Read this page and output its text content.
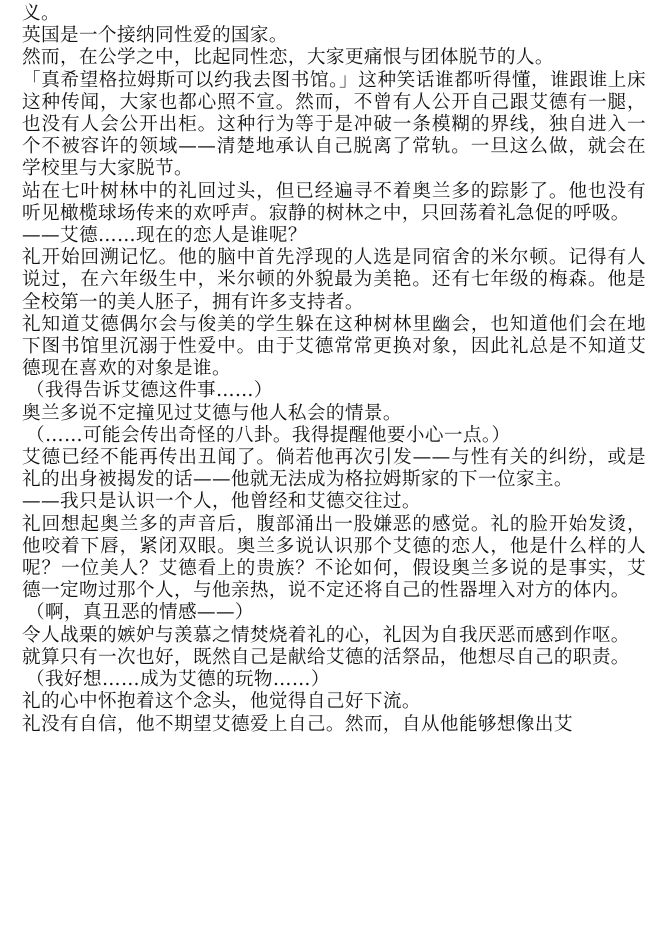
义。

英国是一个接纳同性爱的国家。

然而，在公学之中，比起同性恋，大家更痛恨与团体脱节的人。

「真希望格拉姆斯可以约我去图书馆。」这种笑话谁都听得懂，谁跟谁上床这种传闻，大家也都心照不宣。然而，不曾有人公开自己跟艾德有一腿，也没有人会公开出柜。这种行为等于是冲破一条模糊的界线，独自进入一个不被容许的领域——清楚地承认自己脱离了常轨。一旦这么做，就会在学校里与大家脱节。

站在七叶树林中的礼回过头，但已经遍寻不着奥兰多的踪影了。他也没有听见橄榄球场传来的欢呼声。寂静的树林之中，只回荡着礼急促的呼吸。

——艾德……现在的恋人是谁呢？

礼开始回溯记忆。他的脑中首先浮现的人选是同宿舍的米尔顿。记得有人说过，在六年级生中，米尔顿的外貌最为美艳。还有七年级的梅森。他是全校第一的美人胚子，拥有许多支持者。

礼知道艾德偶尔会与俊美的学生躲在这种树林里幽会，也知道他们会在地下图书馆里沉溺于性爱中。由于艾德常常更换对象，因此礼总是不知道艾德现在喜欢的对象是谁。

（我得告诉艾德这件事……）

奥兰多说不定撞见过艾德与他人私会的情景。

（……可能会传出奇怪的八卦。我得提醒他要小心一点。）

艾德已经不能再传出丑闻了。倘若他再次引发——与性有关的纠纷，或是礼的出身被揭发的话——他就无法成为格拉姆斯家的下一位家主。

——我只是认识一个人，他曾经和艾德交往过。

礼回想起奥兰多的声音后，腹部涌出一股嫌恶的感觉。礼的脸开始发烫，他咬着下唇，紧闭双眼。奥兰多说认识那个艾德的恋人，他是什么样的人呢？一位美人？艾德看上的贵族？不论如何，假设奥兰多说的是事实，艾德一定吻过那个人，与他亲热，说不定还将自己的性器埋入对方的体内。

（啊，真丑恶的情感——）

令人战栗的嫉妒与羡慕之情焚烧着礼的心，礼因为自我厌恶而感到作呕。

就算只有一次也好，既然自己是献给艾德的活祭品，他想尽自己的职责。

（我好想……成为艾德的玩物……）

礼的心中怀抱着这个念头，他觉得自己好下流。

礼没有自信，他不期望艾德爱上自己。然而，自从他能够想像出艾
